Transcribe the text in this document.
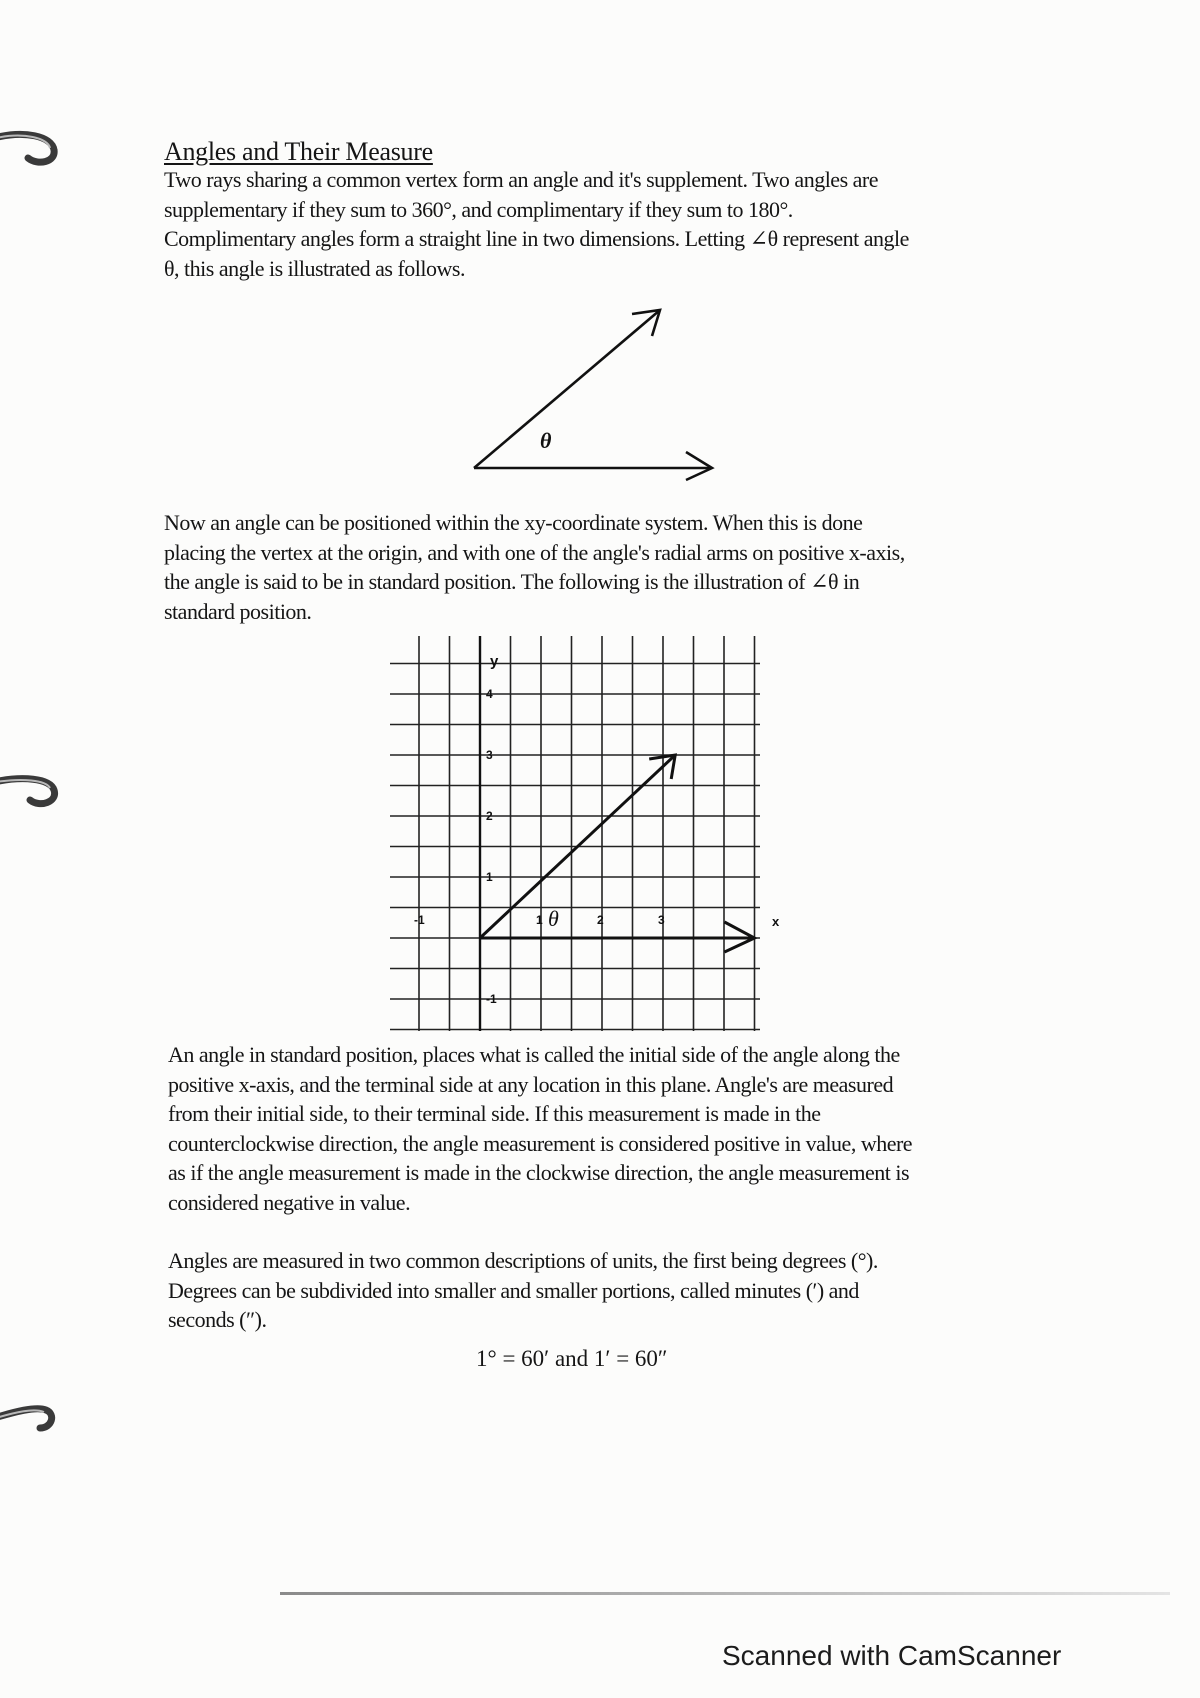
Angles and Their Measure

Two rays sharing a common vertex form an angle and it's supplement. Two angles are
supplementary if they sum to 360°, and complimentary if they sum to 180°.
Complimentary angles form a straight line in two dimensions. Letting ∠θ represent angle
θ, this angle is illustrated as follows.

θ

Now an angle can be positioned within the xy-coordinate system. When this is done
placing the vertex at the origin, and with one of the angle's radial arms on positive x-axis,
the angle is said to be in standard position. The following is the illustration of ∠θ in
standard position.

-1	1	2	3
4
3
2
1
-1
y
x
θ

An angle in standard position, places what is called the initial side of the angle along the
positive x-axis, and the terminal side at any location in this plane. Angle's are measured
from their initial side, to their terminal side. If this measurement is made in the
counterclockwise direction, the angle measurement is considered positive in value, where
as if the angle measurement is made in the clockwise direction, the angle measurement is
considered negative in value.

Angles are measured in two common descriptions of units, the first being degrees (°).
Degrees can be subdivided into smaller and smaller portions, called minutes (′) and
seconds (″).

1° = 60′ and 1′ = 60″
Scanned with CamScanner
